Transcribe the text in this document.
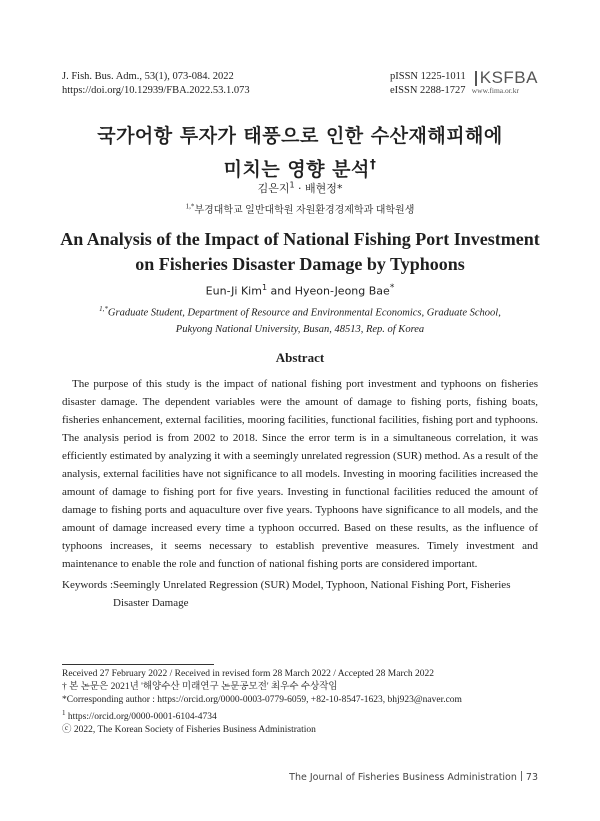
J. Fish. Bus. Adm., 53(1), 073-084. 2022
https://doi.org/10.12939/FBA.2022.53.1.073
pISSN 1225-1011
eISSN 2288-1727
KSFBA
www.fima.or.kr
국가어항 투자가 태풍으로 인한 수산재해피해에
미치는 영향 분석†
김은지$^1$ · 배현정*
$^{1,*}$부경대학교 일반대학원 자원환경경제학과 대학원생
An Analysis of the Impact of National Fishing Port Investment
on Fisheries Disaster Damage by Typhoons
Eun-Ji Kim$^1$ and Hyeon-Jeong Bae*
$^{1,*}$Graduate Student, Department of Resource and Environmental Economics, Graduate School,
Pukyong National University, Busan, 48513, Rep. of Korea
Abstract

The purpose of this study is the impact of national fishing port investment and typhoons on fisheries disaster damage. The dependent variables were the amount of damage to fishing ports, fishing boats, fisheries enhancement, external facilities, mooring facilities, functional facilities, fishing port and typhoons. The analysis period is from 2002 to 2018. Since the error term is in a simultaneous correlation, it was efficiently estimated by analyzing it with a seemingly unrelated regression (SUR) method. As a result of the analysis, external facilities have not significance to all models. Investing in mooring facilities increased the amount of damage to fishing port for five years. Investing in functional facilities reduced the amount of damage to fishing ports and aquaculture over five years. Typhoons have significance to all models, and the amount of damage increased every time a typhoon occurred. Based on these results, as the influence of typhoons increases, it seems necessary to establish preventive measures. Timely investment and maintenance to enable the role and function of national fishing ports are considered important.

Keywords : Seemingly Unrelated Regression (SUR) Model, Typhoon, National Fishing Port, Fisheries Disaster Damage
Received 27 February 2022 / Received in revised form 28 March 2022 / Accepted 28 March 2022
† 본 논문은 2021년 '해양수산 미래연구 논문공모전' 최우수 수상작임
*Corresponding author : https://orcid.org/0000-0003-0779-6059, +82-10-8547-1623, bhj923@naver.com
$^1$ https://orcid.org/0000-0001-6104-4734
ⓒ 2022, The Korean Society of Fisheries Business Administration
The Journal of Fisheries Business Administration 73
